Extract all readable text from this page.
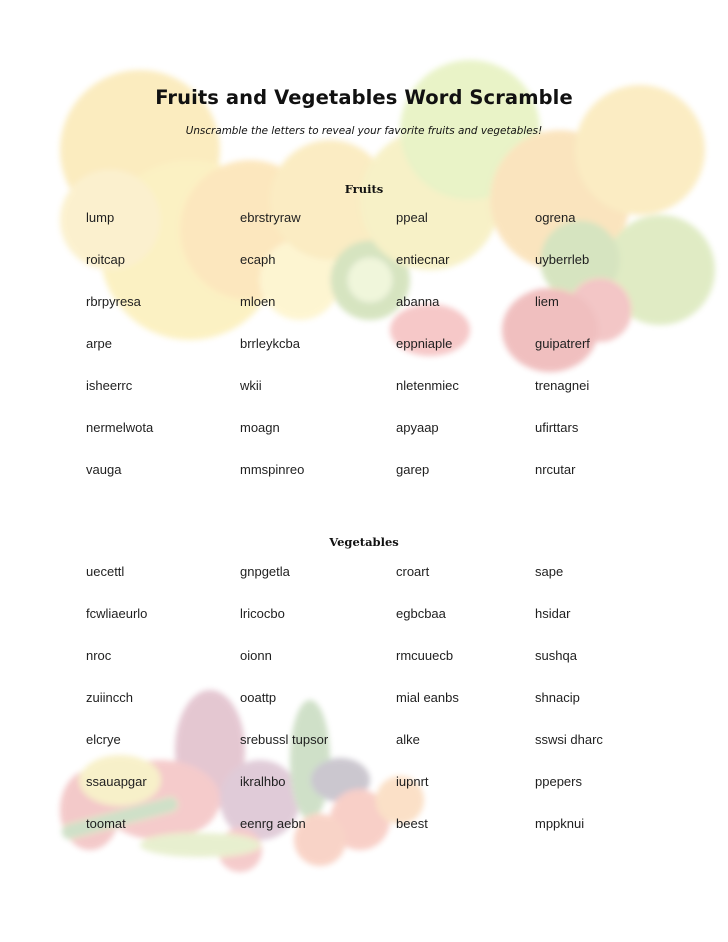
Fruits and Vegetables Word Scramble
Unscramble the letters to reveal your favorite fruits and vegetables!
Fruits
lump	ebrstryraw	ppeal	ogrena
roitcap	ecaph	entiecnar	uyberrleb
rbrpyresa	mloen	abanna	liem
arpe	brrleykcba	eppniaple	guipatrerf
isheerrc	wkii	nletenmiec	trenagnei
nermelwota	moagn	apyaap	ufirttars
vauga	mmspinreo	garep	nrcutar
Vegetables
uecettl	gnpgetla	croart	sape
fcwliaeurlo	lricocbo	egbcbaa	hsidar
nroc	oionn	rmcuuecb	sushqa
zuiincch	ooattp	mial eanbs	shnacip
elcrye	srebussl tupsor	alke	sswsi dharc
ssauapgar	ikralhbo	iupnrt	ppepers
toomat	eenrg aebn	beest	mppknui
